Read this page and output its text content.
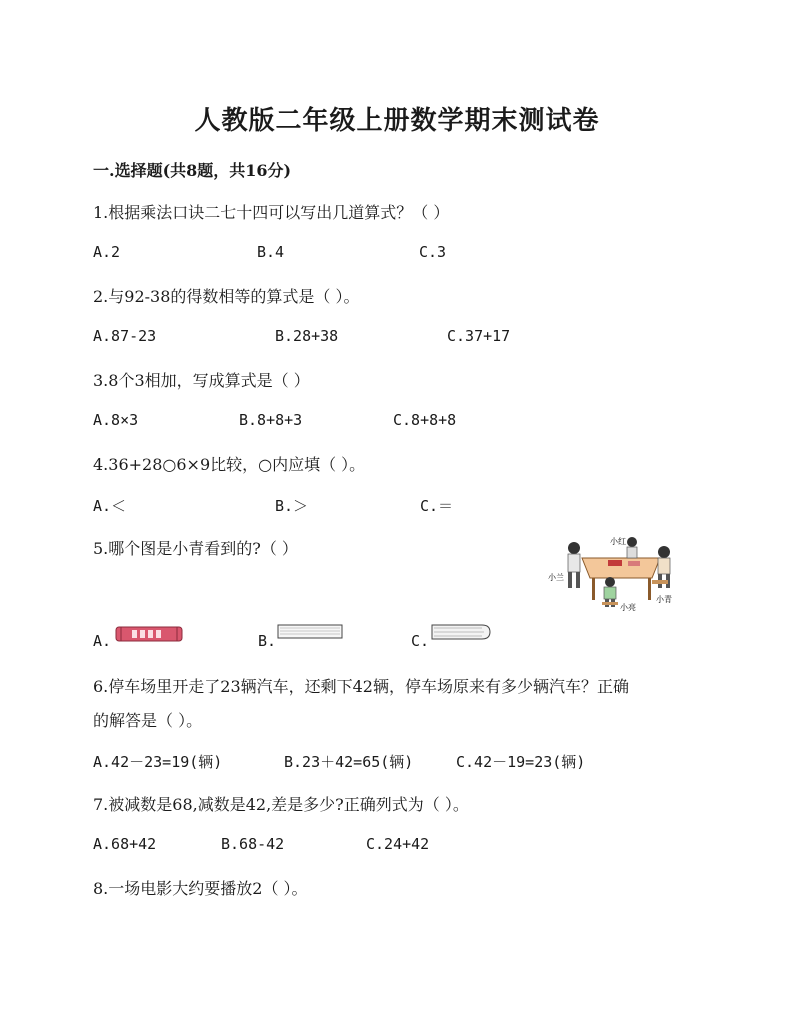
人教版二年级上册数学期末测试卷
一.选择题(共8题，共16分)
1.根据乘法口诀二七十四可以写出几道算式？（ ）
A.2	B.4	C.3
2.与92-38的得数相等的算式是（ ）。
A.87-23	B.28+38	C.37+17
3.8个3相加，写成算式是（ ）
A.8×3	B.8+8+3	C.8+8+8
4.36+28○6×9比较，○内应填（ ）。
A.＜	B.＞	C.＝
5.哪个图是小青看到的?（ ）	小红
小兰
小青
小亮
A.	B.	C.
6.停车场里开走了23辆汽车，还剩下42辆，停车场原来有多少辆汽车？正确
的解答是（ ）。
A.42－23=19(辆)	B.23＋42=65(辆)	C.42－19=23(辆)
7.被减数是68,减数是42,差是多少?正确列式为（ ）。
A.68+42	B.68-42	C.24+42
8.一场电影大约要播放2（ ）。
